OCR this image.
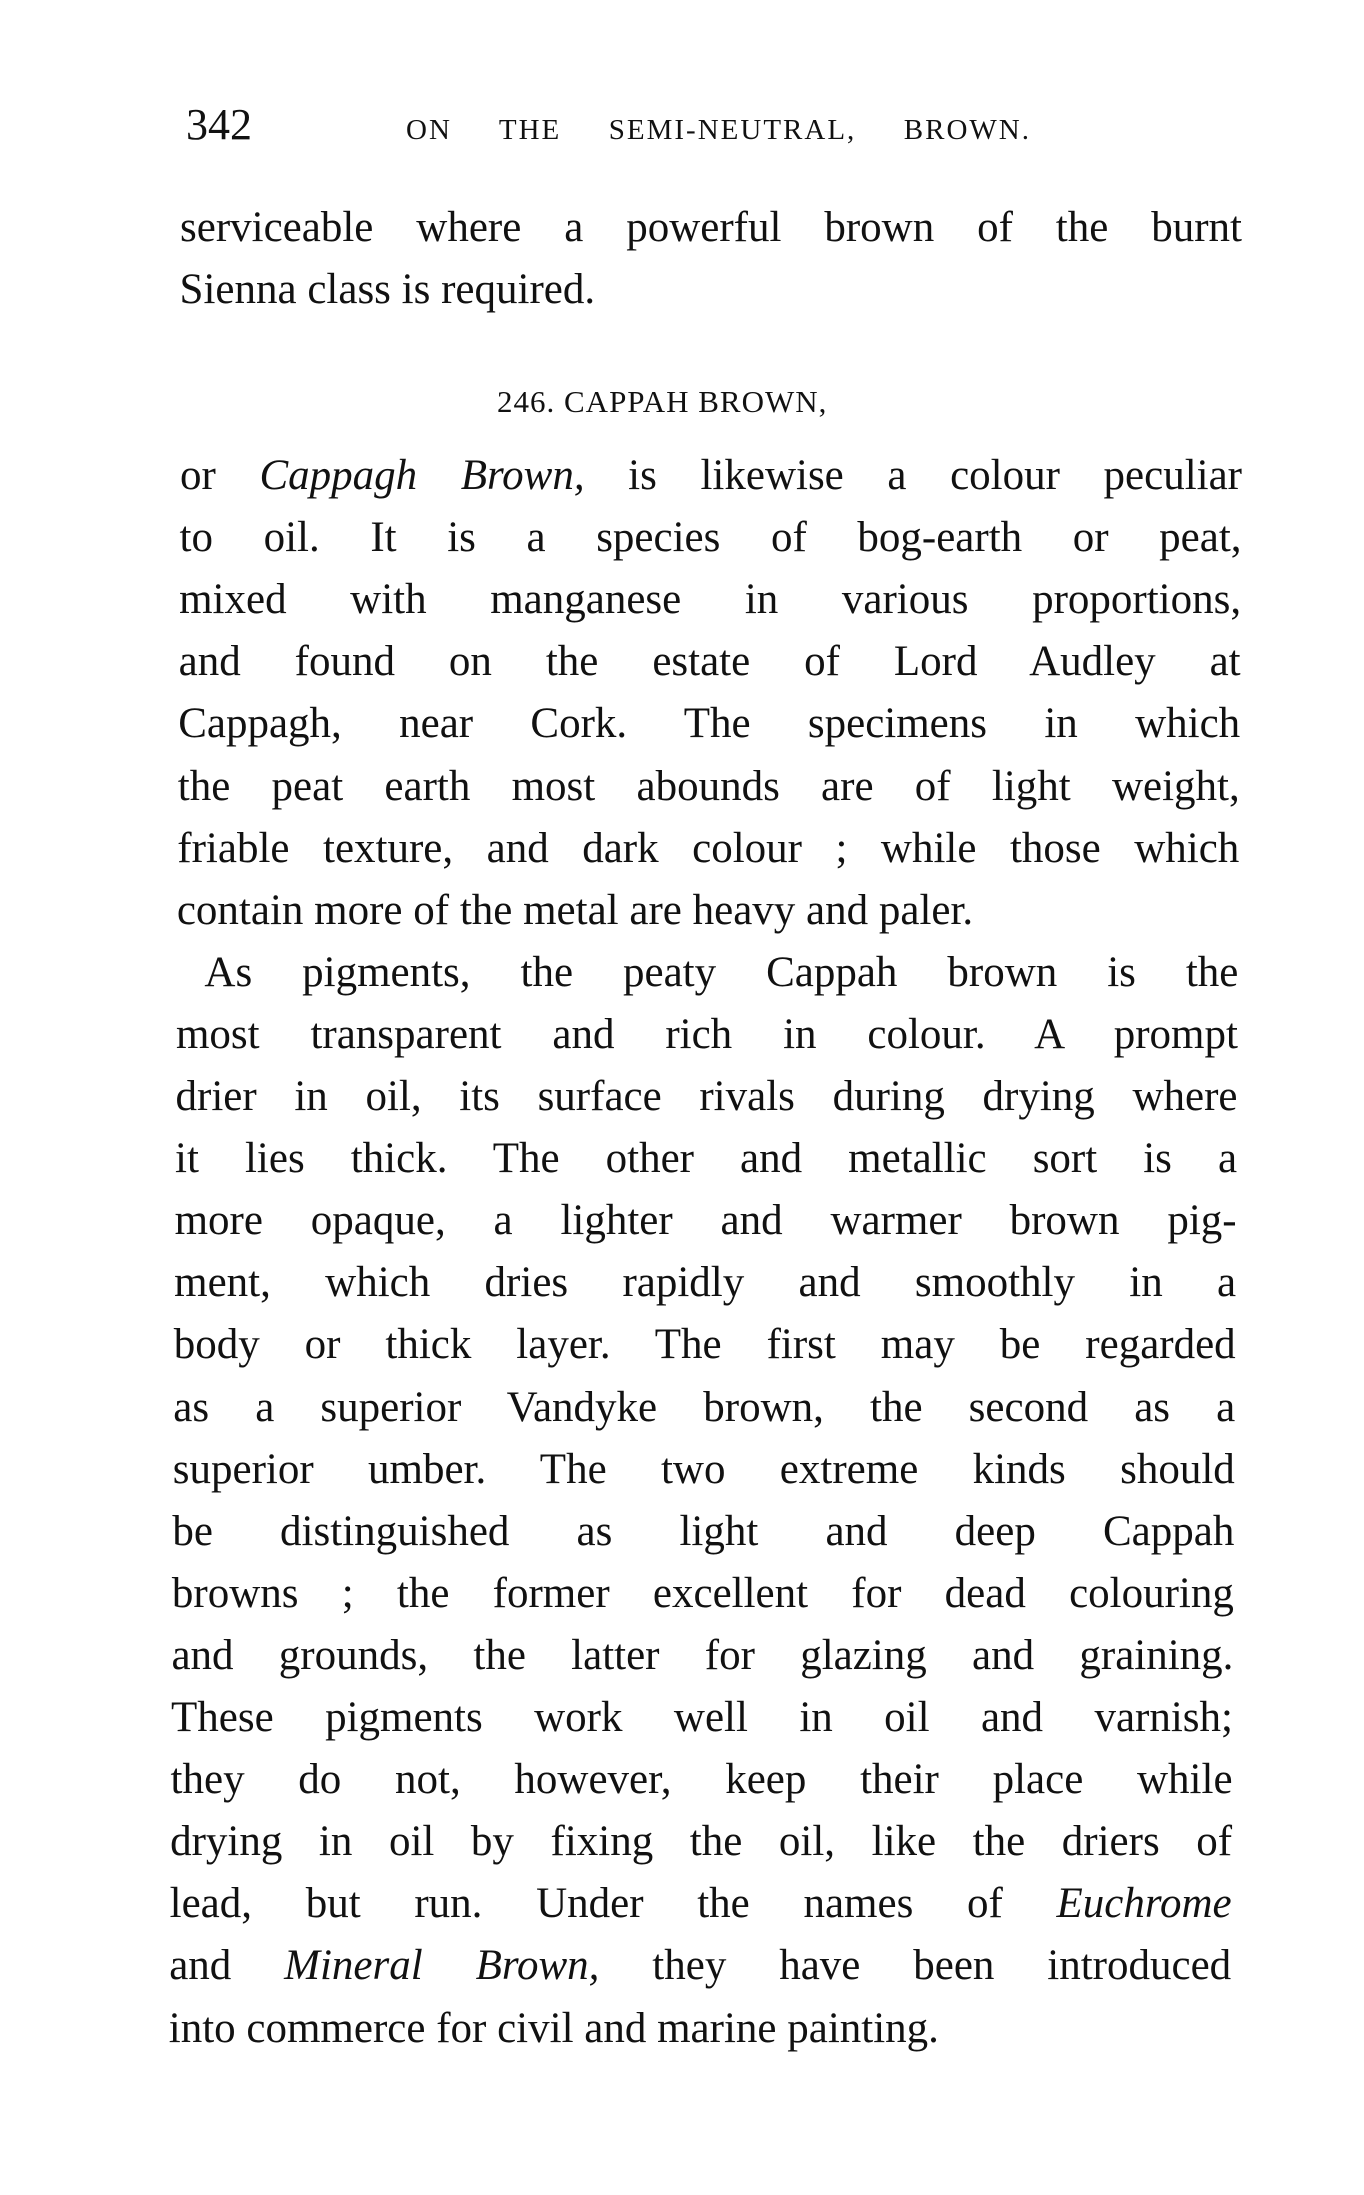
342	ON THE SEMI-NEUTRAL, BROWN.
246. CAPPAH BROWN,
serviceable where a powerful brown of the burnt
Sienna class is required.
or Cappagh Brown, is likewise a colour peculiar
to oil. It is a species of bog-earth or peat,
mixed with manganese in various proportions,
and found on the estate of Lord Audley at
Cappagh, near Cork. The specimens in which
the peat earth most abounds are of light weight,
friable texture, and dark colour ; while those which
contain more of the metal are heavy and paler.
As pigments, the peaty Cappah brown is the
most transparent and rich in colour. A prompt
drier in oil, its surface rivals during drying where
it lies thick. The other and metallic sort is a
more opaque, a lighter and warmer brown pig-
ment, which dries rapidly and smoothly in a
body or thick layer. The first may be regarded
as a superior Vandyke brown, the second as a
superior umber. The two extreme kinds should
be distinguished as light and deep Cappah
browns ; the former excellent for dead colouring
and grounds, the latter for glazing and graining.
These pigments work well in oil and varnish;
they do not, however, keep their place while
drying in oil by fixing the oil, like the driers of
lead, but run. Under the names of Euchrome
and Mineral Brown, they have been introduced
into commerce for civil and marine painting.
